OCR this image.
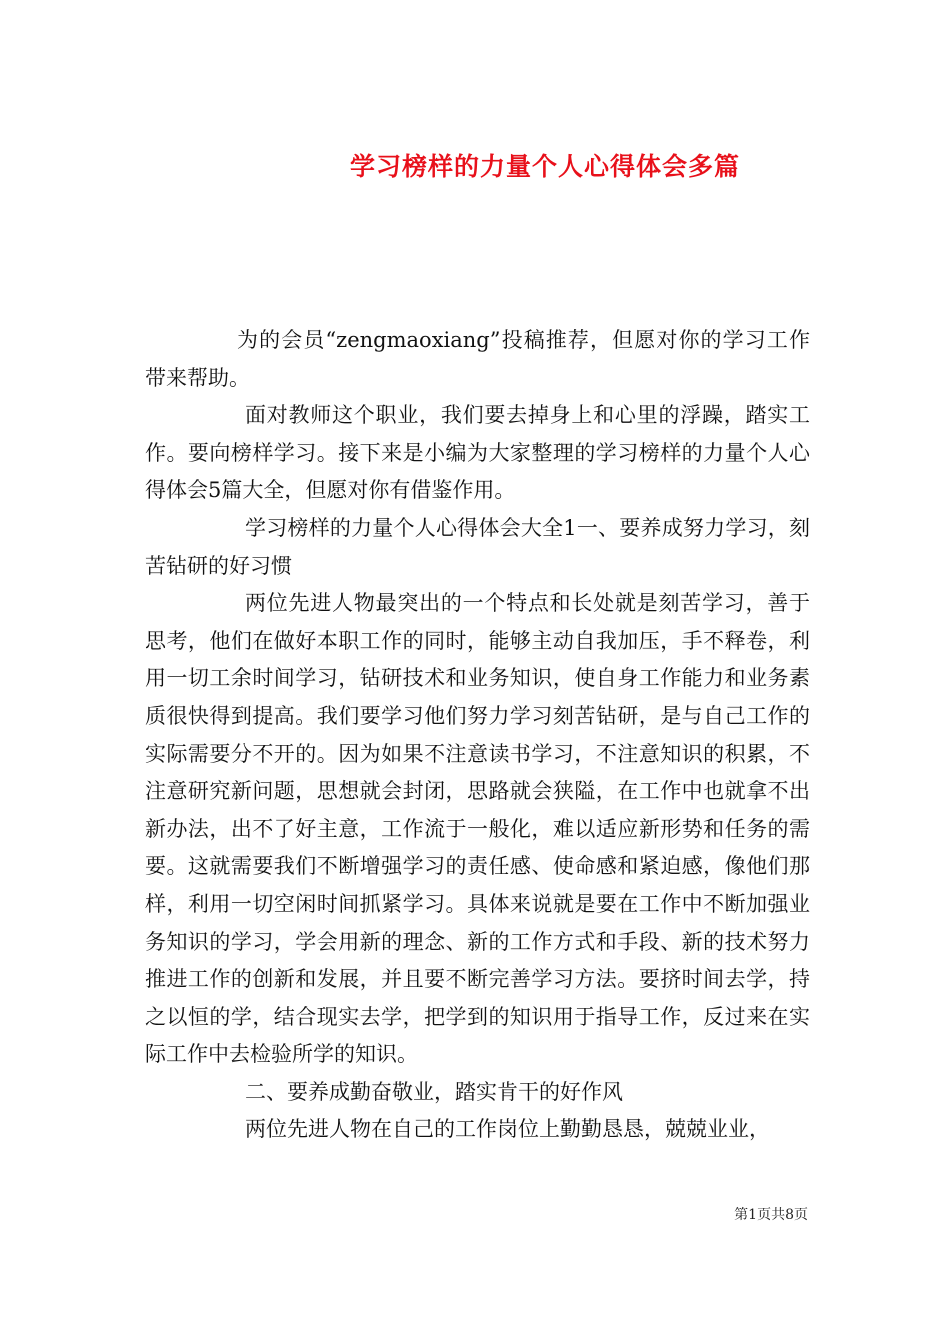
学习榜样的力量个人心得体会多篇

为的会员“zengmaoxiang”投稿推荐，但愿对你的学习工作带来帮助。

面对教师这个职业，我们要去掉身上和心里的浮躁，踏实工作。要向榜样学习。接下来是小编为大家整理的学习榜样的力量个人心得体会5篇大全，但愿对你有借鉴作用。

学习榜样的力量个人心得体会大全1一、要养成努力学习，刻苦钻研的好习惯

两位先进人物最突出的一个特点和长处就是刻苦学习，善于思考，他们在做好本职工作的同时，能够主动自我加压，手不释卷，利用一切工余时间学习，钻研技术和业务知识，使自身工作能力和业务素质很快得到提高。我们要学习他们努力学习刻苦钻研，是与自己工作的实际需要分不开的。因为如果不注意读书学习，不注意知识的积累，不注意研究新问题，思想就会封闭，思路就会狭隘，在工作中也就拿不出新办法，出不了好主意，工作流于一般化，难以适应新形势和任务的需要。这就需要我们不断增强学习的责任感、使命感和紧迫感，像他们那样，利用一切空闲时间抓紧学习。具体来说就是要在工作中不断加强业务知识的学习，学会用新的理念、新的工作方式和手段、新的技术努力推进工作的创新和发展，并且要不断完善学习方法。要挤时间去学，持之以恒的学，结合现实去学，把学到的知识用于指导工作，反过来在实际工作中去检验所学的知识。

二、要养成勤奋敬业，踏实肯干的好作风

两位先进人物在自己的工作岗位上勤勤恳恳，兢兢业业，

第1页共8页
